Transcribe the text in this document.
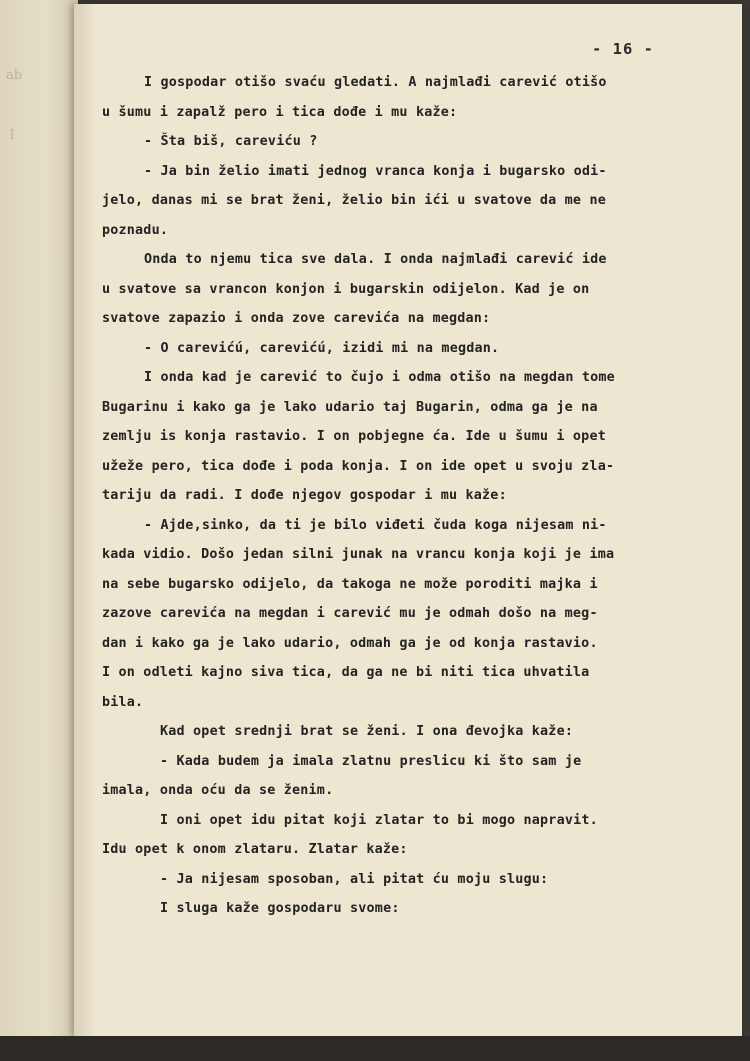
ab
l
- 16 -
I gospodar otišo svaću gledati. A najmlađi carević otišo
u šumu i zapalž pero i tica dođe i mu kaže:
- Šta biš, careviću ?
- Ja bin želio imati jednog vranca konja i bugarsko odi-
jelo, danas mi se brat ženi, želio bin ići u svatove da me ne
poznadu.
Onda to njemu tica sve dala. I onda najmlađi carević ide
u svatove sa vrancon konjon i bugarskin odijelon. Kad je on
svatove zapazio i onda zove carevića na megdan:
- O carevićú, carevićú, izidi mi na megdan.
I onda kad je carević to čujo i odma otišo na megdan tome
Bugarinu i kako ga je lako udario taj Bugarin, odma ga je na
zemlju is konja rastavio. I on pobjegne ća. Ide u šumu i opet
užeže pero, tica dođe i poda konja. I on ide opet u svoju zla-
tariju da radi. I dođe njegov gospodar i mu kaže:
- Ajde,sinko, da ti je bilo viđeti čuda koga nijesam ni-
kada vidio. Došo jedan silni junak na vrancu konja koji je ima
na sebe bugarsko odijelo, da takoga ne može poroditi majka i
zazove carevića na megdan i carević mu je odmah došo na meg-
dan i kako ga je lako udario, odmah ga je od konja rastavio.
I on odleti kajno siva tica, da ga ne bi niti tica uhvatila
bila.
Kad opet srednji brat se ženi. I ona đevojka kaže:
- Kada budem ja imala zlatnu preslicu ki što sam je
imala, onda oću da se ženim.
I oni opet idu pitat koji zlatar to bi mogo napravit.
Idu opet k onom zlataru. Zlatar kaže:
- Ja nijesam sposoban, ali pitat ću moju slugu:
I sluga kaže gospodaru svome:
